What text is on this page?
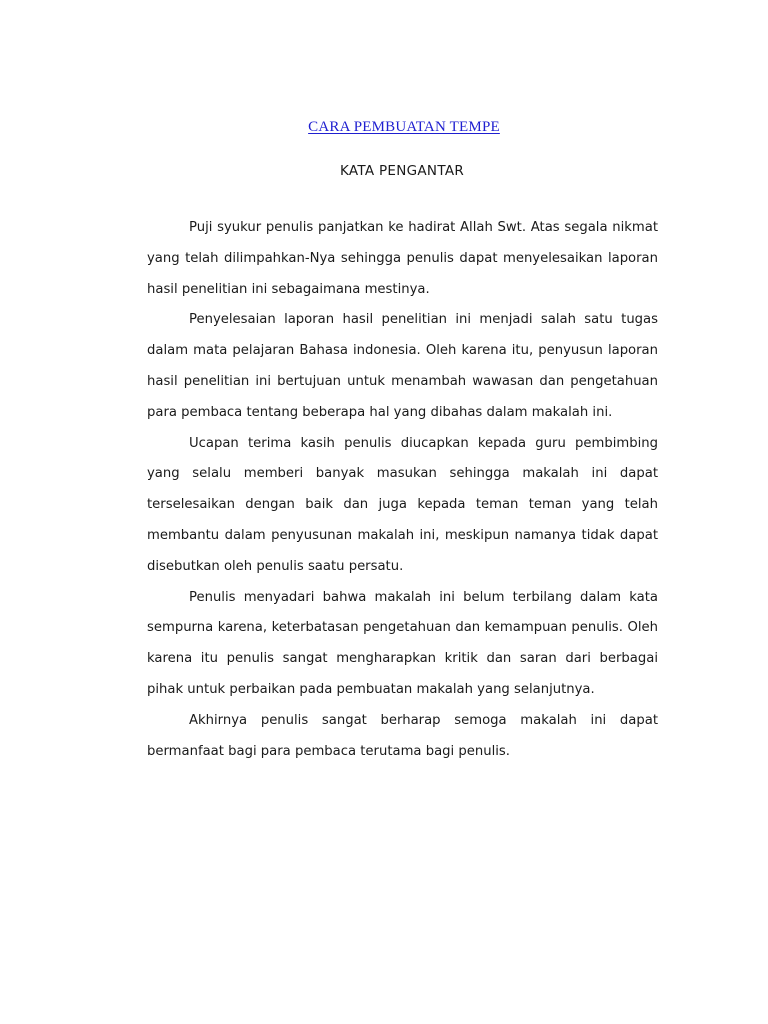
CARA PEMBUATAN TEMPE
KATA PENGANTAR

Puji syukur penulis panjatkan ke hadirat Allah Swt. Atas segala nikmat yang telah dilimpahkan-Nya sehingga penulis dapat menyelesaikan laporan hasil penelitian ini sebagaimana mestinya.

Penyelesaian laporan hasil penelitian ini menjadi salah satu tugas dalam mata pelajaran Bahasa indonesia. Oleh karena itu, penyusun laporan hasil penelitian ini bertujuan untuk menambah wawasan dan pengetahuan para pembaca tentang beberapa hal yang dibahas dalam makalah ini.

Ucapan terima kasih penulis diucapkan kepada guru pembimbing yang selalu memberi banyak masukan sehingga makalah ini dapat terselesaikan dengan baik dan juga kepada teman teman yang telah membantu dalam penyusunan makalah ini, meskipun namanya tidak dapat disebutkan oleh penulis saatu persatu.

Penulis menyadari bahwa makalah ini belum terbilang dalam kata sempurna karena, keterbatasan pengetahuan dan kemampuan penulis. Oleh karena itu penulis sangat mengharapkan kritik dan saran dari berbagai pihak untuk perbaikan pada pembuatan makalah yang selanjutnya.

Akhirnya penulis sangat berharap semoga makalah ini dapat bermanfaat bagi para pembaca terutama bagi penulis.
